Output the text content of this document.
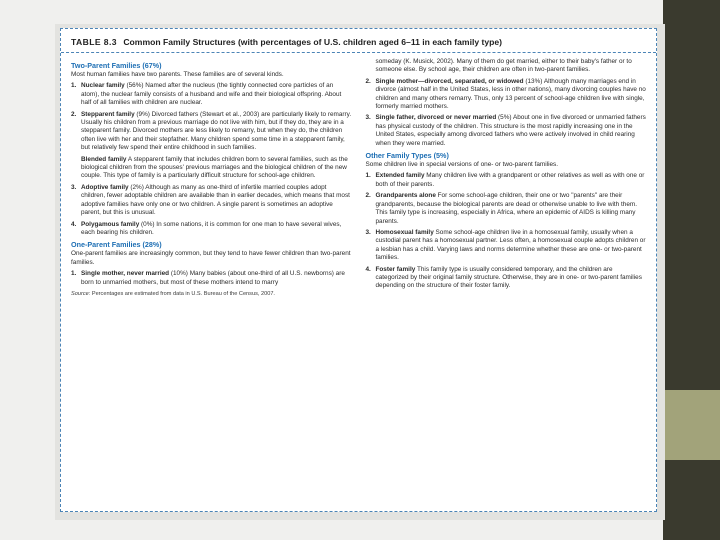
TABLE 8.3 Common Family Structures (with percentages of U.S. children aged 6–11 in each family type)
Two-Parent Families (67%)
Most human families have two parents. These families are of several kinds.
1. Nuclear family (56%) Named after the nucleus (the tightly connected core particles of an atom), the nuclear family consists of a husband and wife and their biological offspring. About half of all families with children are nuclear.
2. Stepparent family (9%) Divorced fathers (Stewart et al., 2003) are particularly likely to remarry. Usually his children from a previous marriage do not live with him, but if they do, they are in a stepparent family. Divorced mothers are less likely to remarry, but when they do, the children often live with her and their stepfather. Many children spend some time in a stepparent family, but relatively few spend their entire childhood in such families.
Blended family A stepparent family that includes children born to several families, such as the biological children from the spouses' previous marriages and the biological children of the new couple. This type of family is a particularly difficult structure for school-age children.
3. Adoptive family (2%) Although as many as one-third of infertile married couples adopt children, fewer adoptable children are available than in earlier decades, which means that most adoptive families have only one or two children. A single parent is sometimes an adoptive parent, but this is unusual.
4. Polygamous family (0%) In some nations, it is common for one man to have several wives, each bearing his children.
One-Parent Families (28%)
One-parent families are increasingly common, but they tend to have fewer children than two-parent families.
1. Single mother, never married (10%) Many babies (about one-third of all U.S. newborns) are born to unmarried mothers, but most of these mothers intend to marry
Source: Percentages are estimated from data in U.S. Bureau of the Census, 2007.
someday (K. Musick, 2002). Many of them do get married, either to their baby's father or to someone else. By school age, their children are often in two-parent families.
2. Single mother—divorced, separated, or widowed (13%) Although many marriages end in divorce (almost half in the United States, less in other nations), many divorcing couples have no children and many others remarry. Thus, only 13 percent of school-age children live with single, formerly married mothers.
3. Single father, divorced or never married (5%) About one in five divorced or unmarried fathers has physical custody of the children. This structure is the most rapidly increasing one in the United States, especially among divorced fathers who were actively involved in child rearing when they were married.
Other Family Types (5%)
Some children live in special versions of one- or two-parent families.
1. Extended family Many children live with a grandparent or other relatives as well as with one or both of their parents.
2. Grandparents alone For some school-age children, their one or two "parents" are their grandparents, because the biological parents are dead or otherwise unable to live with them. This family type is increasing, especially in Africa, where an epidemic of AIDS is killing many parents.
3. Homosexual family Some school-age children live in a homosexual family, usually when a custodial parent has a homosexual partner. Less often, a homosexual couple adopts children or a lesbian has a child. Varying laws and norms determine whether these are one- or two-parent families.
4. Foster family This family type is usually considered temporary, and the children are categorized by their original family structure. Otherwise, they are in one- or two-parent families depending on the structure of their foster family.
